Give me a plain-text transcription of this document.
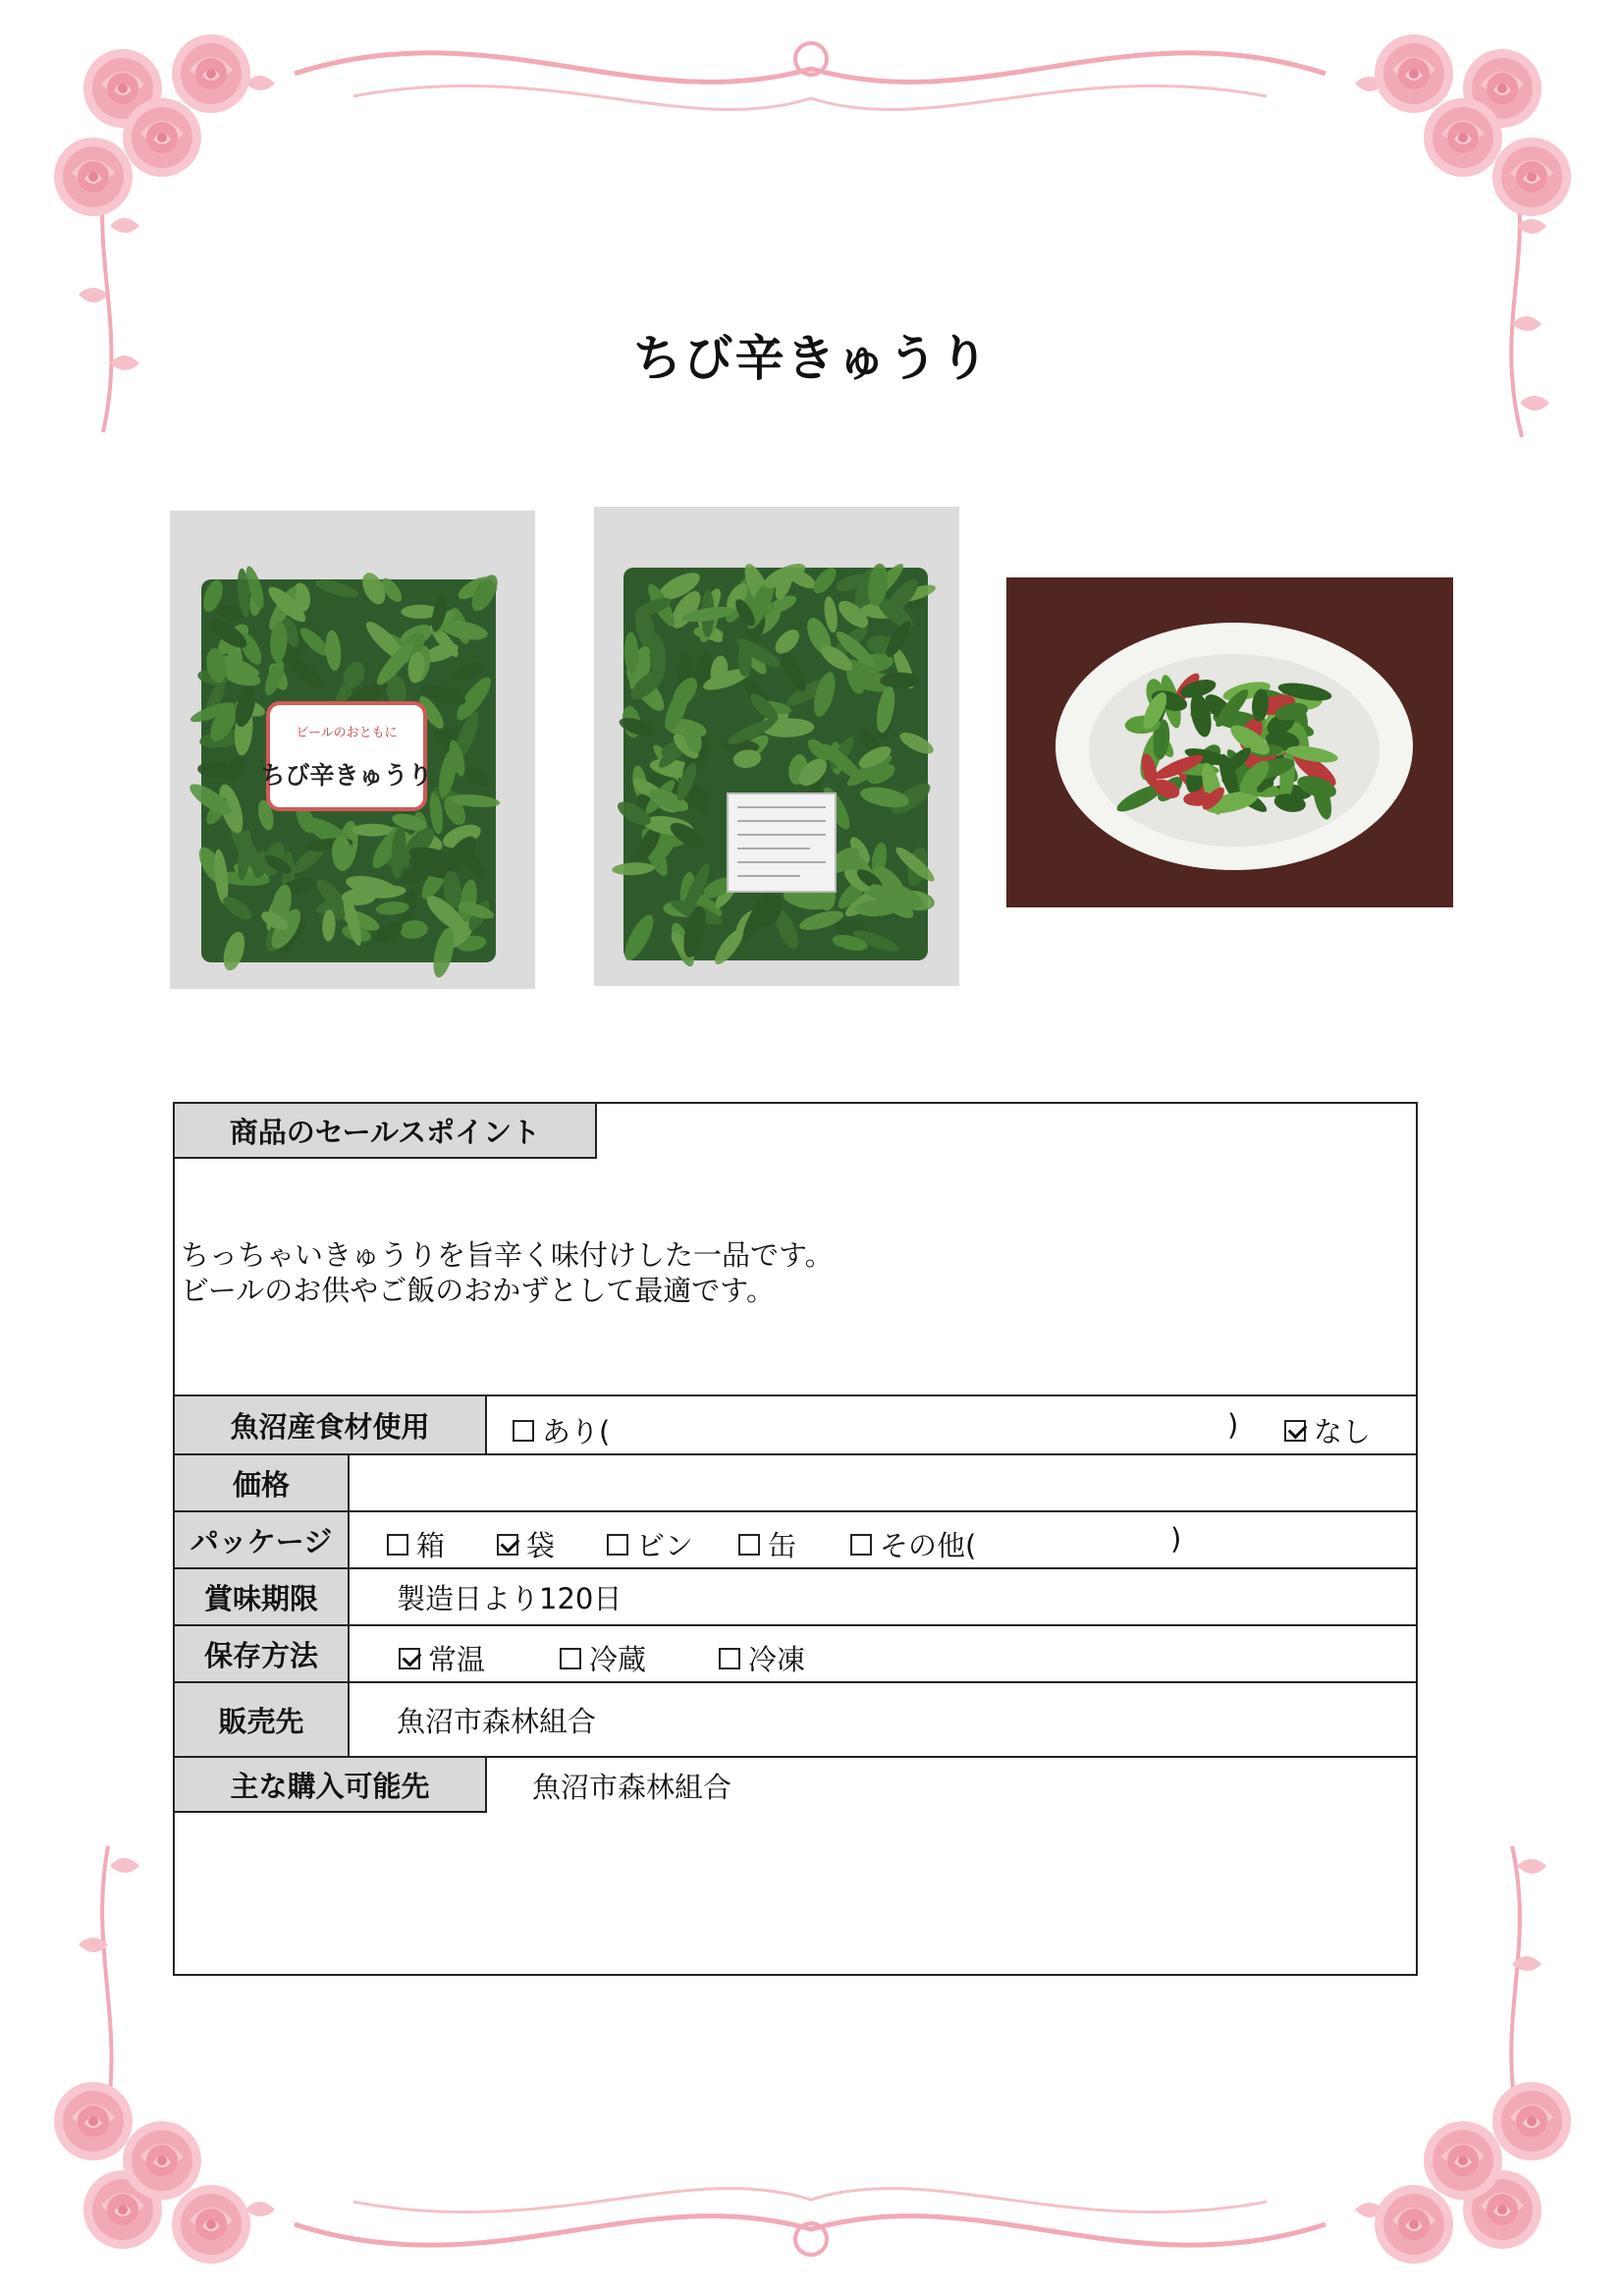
ちび辛きゅうり
ビールのおともに
ちび辛きゅうり
商品のセールスポイント
ちっちゃいきゅうりを旨辛く味付けした一品です。
ビールのお供やご飯のおかずとして最適です。
魚沼産食材使用	あり(	)	なし
価格
パッケージ	箱	袋	ビン	缶	その他(	)
賞味期限	製造日より120日
保存方法	常温	冷蔵	冷凍
販売先	魚沼市森林組合
主な購入可能先	魚沼市森林組合
